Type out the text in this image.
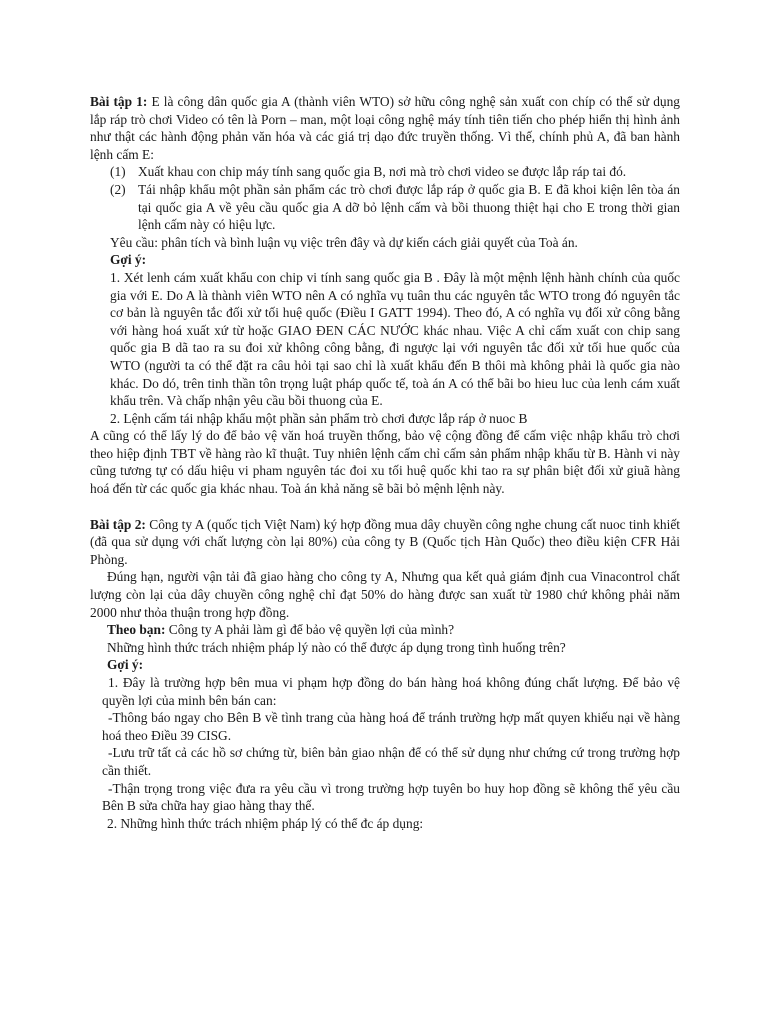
Bài tập 1: E là công dân quốc gia A (thành viên WTO) sở hữu công nghệ sản xuất con chíp có thể sử dụng lắp ráp trò chơi Video có tên là Porn – man, một loại công nghệ máy tính tiên tiến cho phép hiển thị hình ảnh như thật các hành động phản văn hóa và các giá trị dạo đức truyền thống. Vì thế, chính phủ A, đã ban hành lệnh cấm E:

(1) Xuất khau con chip máy tính sang quốc gia B, nơi mà trò chơi video se được lắp ráp tai đó.
(2) Tái nhập khẩu một phần sản phẩm các trò chơi được lắp ráp ở quốc gia B. E đã khoi kiện lên tòa án tại quốc gia A về yêu cầu quốc gia A dỡ bỏ lệnh cấm và bồi thuong thiệt hại cho E trong thời gian lệnh cấm này có hiệu lực.

Yêu cầu: phân tích và bình luận vụ việc trên đây và dự kiến cách giải quyết của Toà án.

Gợi ý:

1. Xét lenh cám xuất khẩu con chip vi tính sang quốc gia B . Đây là một mệnh lệnh hành chính của quốc gia với E. Do A là thành viên WTO nên A có nghĩa vụ tuân thu các nguyên tắc WTO trong đó nguyên tắc cơ bản là nguyên tắc đối xử tối huệ quốc (Điều I GATT 1994). Theo đó, A có nghĩa vụ đối xử công bằng với hàng hoá xuất xứ từ hoặc GIAO ĐEN CÁC NƯỚC khác nhau. Việc A chỉ cấm xuất con chip sang quốc gia B dã tao ra su đoi xử không công bằng, đi ngược lại với nguyên tắc đối xử tối hue quốc của WTO (người ta có thể đặt ra câu hỏi tại sao chỉ là xuất khẩu đến B thôi mà không phải là quốc gia nào khác. Do dó, trên tinh thần tôn trọng luật pháp quốc tế, toà án A có thể bãi bo hieu luc của lenh cám xuất khẩu trên. Và chấp nhận yêu cầu bồi thuong của E.

2. Lệnh cấm tái nhập khẩu một phần sản phẩm trò chơi được lắp ráp ở nuoc B

A cũng có thể lấy lý do để bảo vệ văn hoá truyền thống, bảo vệ cộng đồng để cấm việc nhập khẩu trò chơi theo hiệp định TBT về hàng rào kĩ thuật. Tuy nhiên lệnh cấm chỉ cấm sản phẩm nhập khẩu từ B. Hành vi này cũng tương tự có dấu hiệu vi pham nguyên tác đoi xu tối huệ quốc khi tao ra sự phân biệt đối xử giuã hàng hoá đến từ các quốc gia khác nhau. Toà án khả năng sẽ bãi bỏ mệnh lệnh này.

Bài tập 2: Công ty A (quốc tịch Việt Nam) ký hợp đồng mua dây chuyền công nghe chung cất nuoc tinh khiết (đã qua sử dụng với chất lượng còn lại 80%) của công ty B (Quốc tịch Hàn Quốc) theo điều kiện CFR Hải Phòng.

Đúng hạn, người vận tải đã giao hàng cho công ty A, Nhưng qua kết quả giám định cua Vinacontrol chất lượng còn lại của dây chuyền công nghệ chỉ đạt 50% do hàng được san xuất từ 1980 chứ không phải năm 2000 như thỏa thuận trong hợp đồng.

Theo bạn: Công ty A phải làm gì để bảo vệ quyền lợi của mình?

Những hình thức trách nhiệm pháp lý nào có thể được áp dụng trong tình huống trên?

Gợi ý:

1. Đây là trường hợp bên mua vi phạm hợp đồng do bán hàng hoá không đúng chất lượng. Để bảo vệ quyền lợi của minh bên bán can:

-Thông báo ngay cho Bên B về tình trang của hàng hoá để tránh trường hợp mất quyen khiếu nại về hàng hoá theo Điều 39 CISG.

-Lưu trữ tất cả các hồ sơ chứng từ, biên bản giao nhận để có thể sử dụng như chứng cứ trong trường hợp cần thiết.

-Thận trọng trong việc đưa ra yêu cầu vì trong trường hợp tuyên bo huy hop đồng sẽ không thể yêu cầu Bên B sửa chữa hay giao hàng thay thế.

2. Những hình thức trách nhiệm pháp lý có thể đc áp dụng:
